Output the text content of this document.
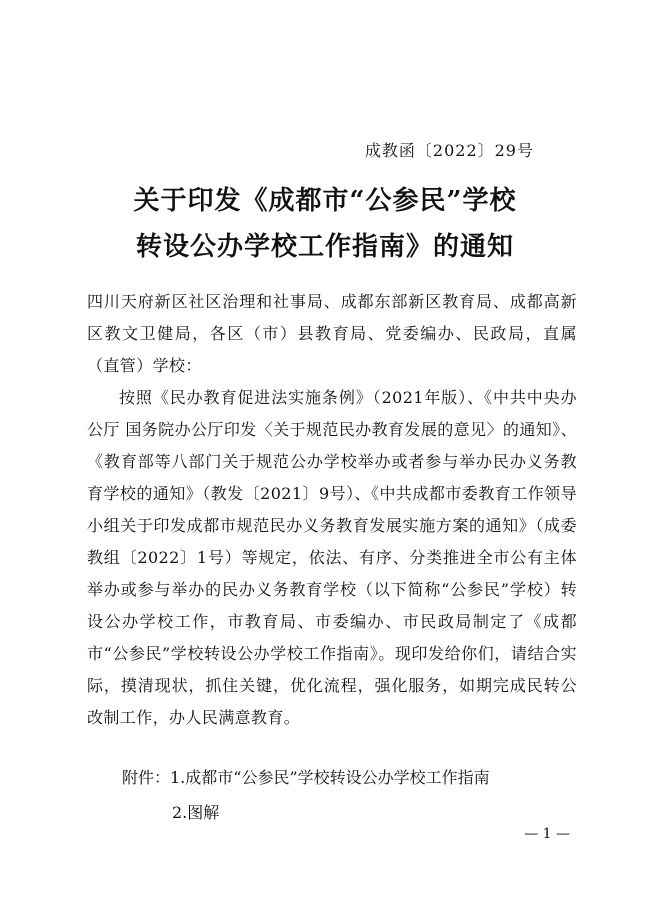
成教函〔2022〕29号
关于印发《成都市“公参民”学校
转设公办学校工作指南》的通知
四川天府新区社区治理和社事局、成都东部新区教育局、成都高新区教文卫健局，各区（市）县教育局、党委编办、民政局，直属（直管）学校：
按照《民办教育促进法实施条例》（2021年版）、《中共中央办公厅 国务院办公厅印发〈关于规范民办教育发展的意见〉的通知》、《教育部等八部门关于规范公办学校举办或者参与举办民办义务教育学校的通知》（教发〔2021〕9号）、《中共成都市委教育工作领导小组关于印发成都市规范民办义务教育发展实施方案的通知》（成委教组〔2022〕1号）等规定，依法、有序、分类推进全市公有主体举办或参与举办的民办义务教育学校（以下简称“公参民”学校）转设公办学校工作，市教育局、市委编办、市民政局制定了《成都市“公参民”学校转设公办学校工作指南》。现印发给你们，请结合实际，摸清现状，抓住关键，优化流程，强化服务，如期完成民转公改制工作，办人民满意教育。
附件：1.成都市“公参民”学校转设公办学校工作指南
2.图解
— 1 —
